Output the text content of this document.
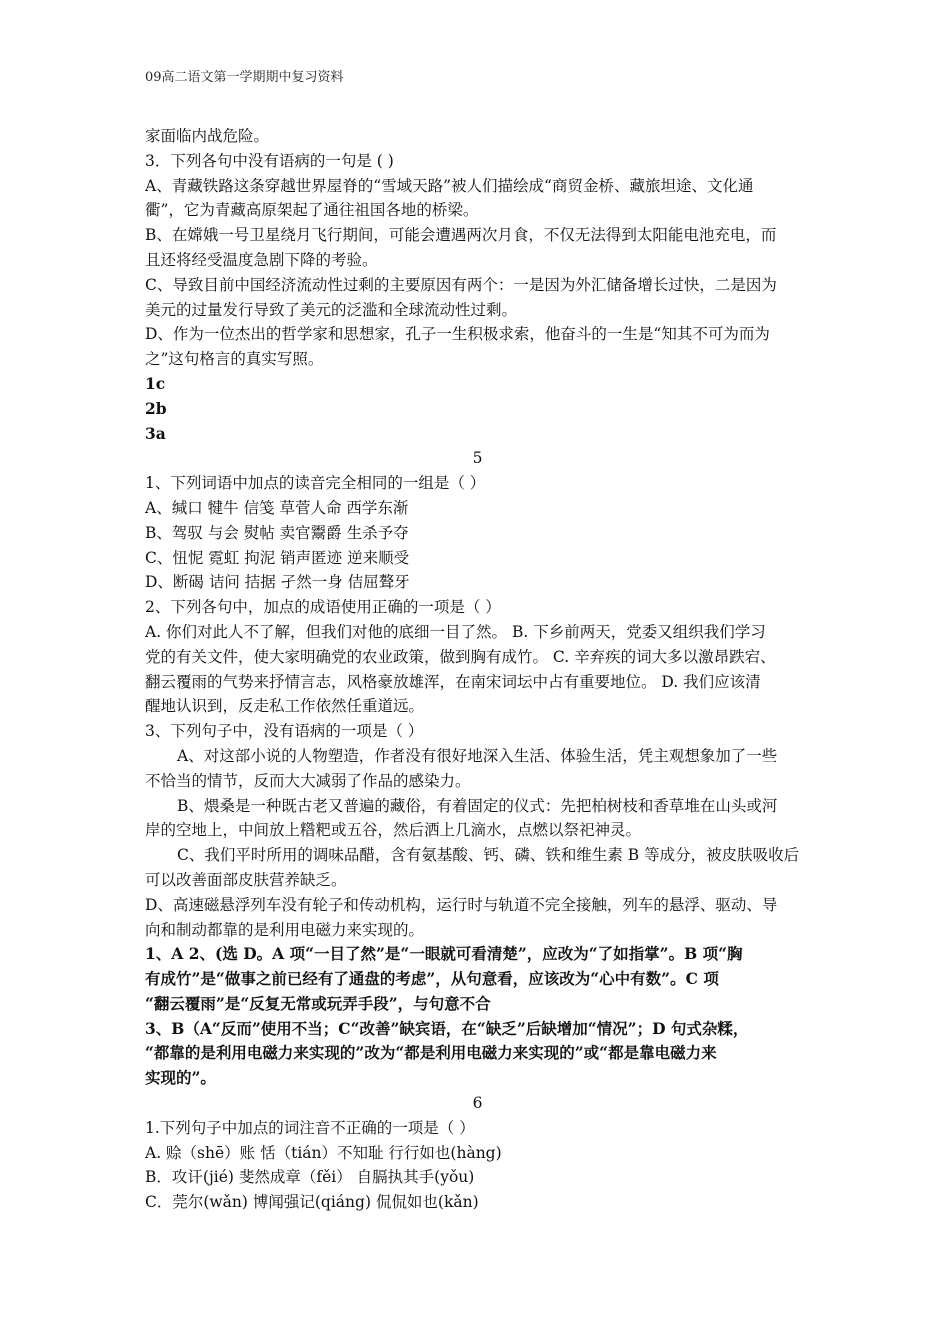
09高二语文第一学期期中复习资料
家面临内战危险。
3．下列各句中没有语病的一句是 ( )
A、青藏铁路这条穿越世界屋脊的“雪域天路”被人们描绘成“商贸金桥、藏旅坦途、文化通
衢”，它为青藏高原架起了通往祖国各地的桥梁。
B、在嫦娥一号卫星绕月飞行期间，可能会遭遇两次月食，不仅无法得到太阳能电池充电，而
且还将经受温度急剧下降的考验。
C、导致目前中国经济流动性过剩的主要原因有两个：一是因为外汇储备增长过快，二是因为
美元的过量发行导致了美元的泛滥和全球流动性过剩。
D、作为一位杰出的哲学家和思想家，孔子一生积极求索，他奋斗的一生是“知其不可为而为
之”这句格言的真实写照。
1c
2b
3a
5
1、下列词语中加点的读音完全相同的一组是（ ）
A、缄口 犍牛 信笺 草菅人命 西学东渐
B、驾驭 与会 熨帖 卖官鬻爵 生杀予夺
C、忸怩 霓虹 拘泥 销声匿迹 逆来顺受
D、断碣 诘问 拮据 孑然一身 佶屈聱牙
2、下列各句中，加点的成语使用正确的一项是（ ）
A. 你们对此人不了解，但我们对他的底细一目了然。 B. 下乡前两天，党委又组织我们学习
党的有关文件，使大家明确党的农业政策，做到胸有成竹。 C. 辛弃疾的词大多以激昂跌宕、
翻云覆雨的气势来抒情言志，风格豪放雄浑，在南宋词坛中占有重要地位。 D. 我们应该清
醒地认识到，反走私工作依然任重道远。
3、下列句子中，没有语病的一项是（ ）
A、对这部小说的人物塑造，作者没有很好地深入生活、体验生活，凭主观想象加了一些
不恰当的情节，反而大大减弱了作品的感染力。
B、煨桑是一种既古老又普遍的藏俗，有着固定的仪式：先把柏树枝和香草堆在山头或河
岸的空地上，中间放上糌粑或五谷，然后洒上几滴水，点燃以祭祀神灵。
C、我们平时所用的调味品醋，含有氨基酸、钙、磷、铁和维生素 B 等成分，被皮肤吸收后
可以改善面部皮肤营养缺乏。
D、高速磁悬浮列车没有轮子和传动机构，运行时与轨道不完全接触，列车的悬浮、驱动、导
向和制动都靠的是利用电磁力来实现的。
1、A 2、(选 D。A 项“一目了然”是“一眼就可看清楚”，应改为“了如指掌”。B 项“胸
有成竹”是“做事之前已经有了通盘的考虑”，从句意看，应该改为“心中有数”。C 项
“翻云覆雨”是“反复无常或玩弄手段”，与句意不合
3、B（A“反而”使用不当；C“改善”缺宾语，在“缺乏”后缺增加“情况”；D 句式杂糅，
“都靠的是利用电磁力来实现的”改为“都是利用电磁力来实现的”或“都是靠电磁力来
实现的”。
6
1.下列句子中加点的词注音不正确的一项是（ ）
A. 赊（shē）账 恬（tián）不知耻 行行如也(hàng)
B．攻讦(jié) 斐然成章（fěi） 自膈执其手(yǒu)
C．莞尔(wǎn) 博闻强记(qiáng) 侃侃如也(kǎn)
